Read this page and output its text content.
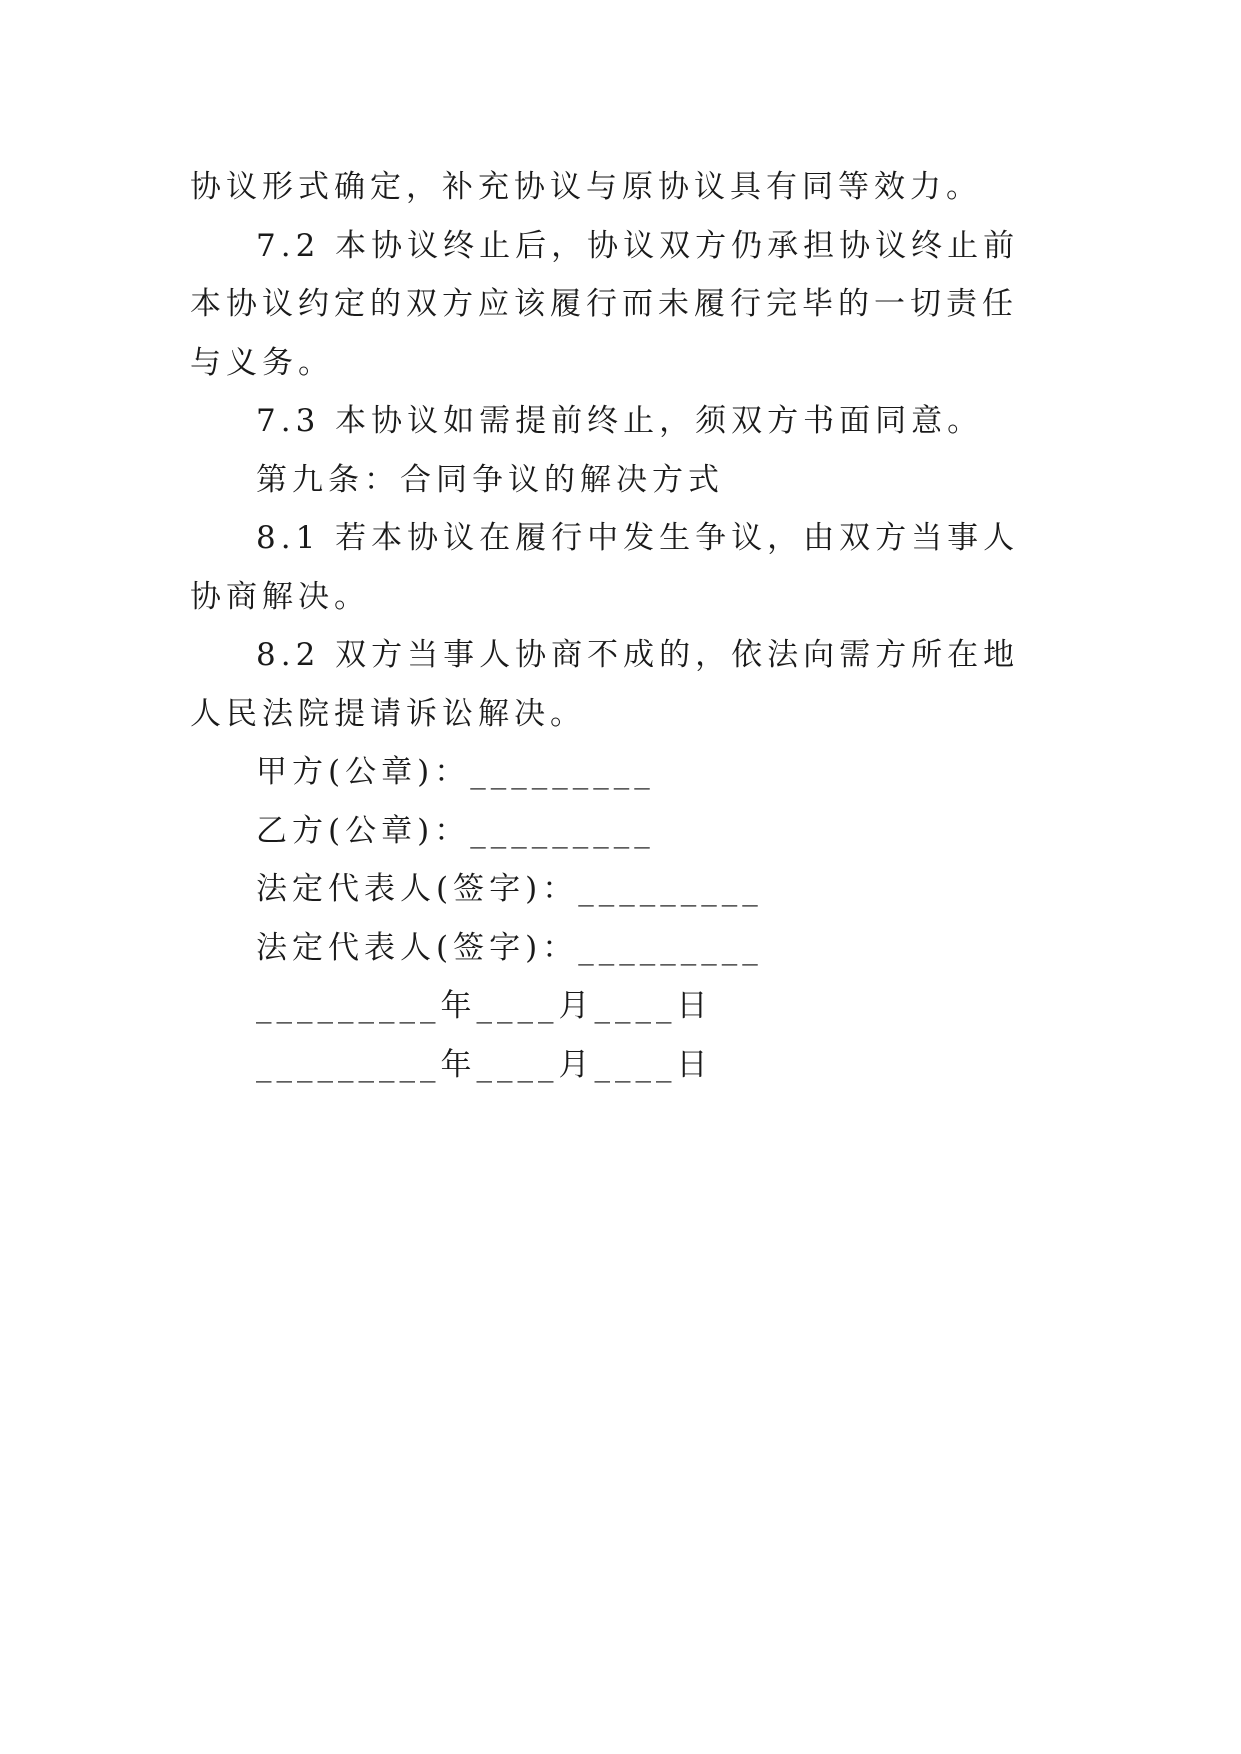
协议形式确定，补充协议与原协议具有同等效力。

7.2 本协议终止后，协议双方仍承担协议终止前本协议约定的双方应该履行而未履行完毕的一切责任与义务。

7.3 本协议如需提前终止，须双方书面同意。

第九条：合同争议的解决方式

8.1 若本协议在履行中发生争议，由双方当事人协商解决。

8.2 双方当事人协商不成的，依法向需方所在地人民法院提请诉讼解决。

甲方(公章)：_________

乙方(公章)：_________

法定代表人(签字)：_________

法定代表人(签字)：_________

_________年____月____日

_________年____月____日
